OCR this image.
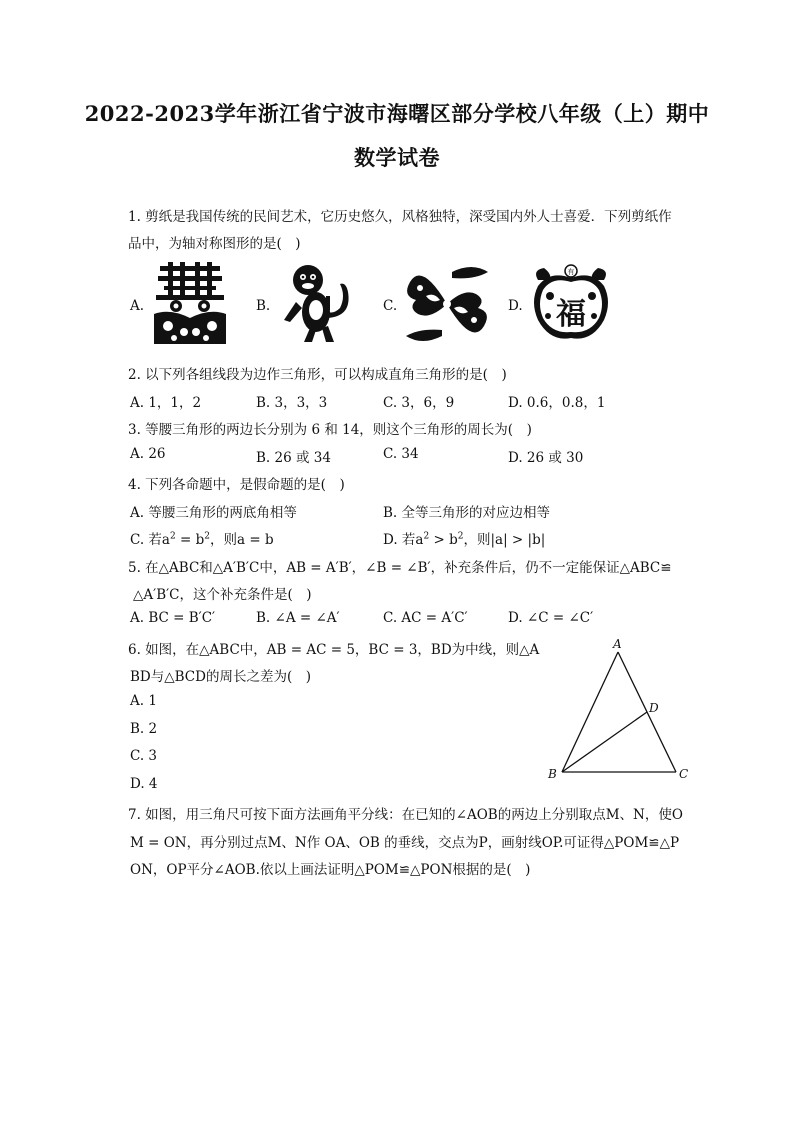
2022-2023学年浙江省宁波市海曙区部分学校八年级（上）期中
数学试卷
1. 剪纸是我国传统的民间艺术，它历史悠久，风格独特，深受国内外人士喜爱．下列剪纸作
品中，为轴对称图形的是(　)
A.	B.	C.	D. 福
有
2. 以下列各组线段为边作三角形，可以构成直角三角形的是(　)
A. 1，1，2	B. 3，3，3	C. 3，6，9	D. 0.6，0.8，1
3. 等腰三角形的两边长分别为 6 和 14，则这个三角形的周长为(　)
A. 26	B. 26 或 34	C. 34	D. 26 或 30
4. 下列各命题中，是假命题的是(　)
A. 等腰三角形的两底角相等	B. 全等三角形的对应边相等
C. 若$a^2 = b^2$，则a = b	D. 若$a^2 > b^2$，则|a| > |b|
5. 在△ABC和△A′B′C中，AB = A′B′，∠B = ∠B′，补充条件后，仍不一定能保证△ABC≌
△A′B′C，这个补充条件是(　)
A. BC = B′C′	B. ∠A = ∠A′	C. AC = A′C′	D. ∠C = ∠C′
6. 如图，在△ABC中，AB = AC = 5，BC = 3，BD为中线，则△A
BD与△BCD的周长之差为(　)
A. 1
B. 2
C. 3
D. 4
A
B	C
D
7. 如图，用三角尺可按下面方法画角平分线：在已知的∠AOB的两边上分别取点M、N，使O
M = ON，再分别过点M、N作 OA、OB 的垂线，交点为P，画射线OP.可证得△POM≌△P
ON，OP平分∠AOB.依以上画法证明△POM≌△PON根据的是(　)
